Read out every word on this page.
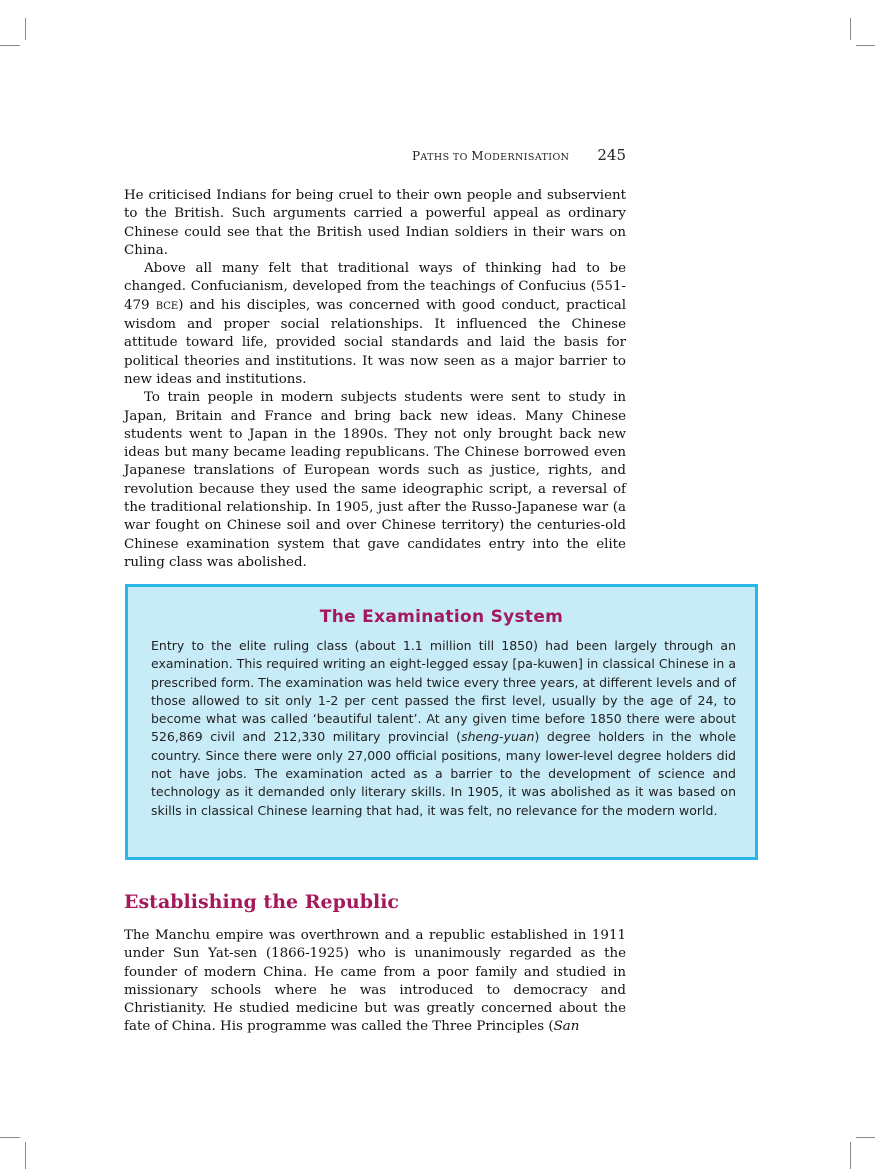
PATHS TO MODERNISATION 245

He criticised Indians for being cruel to their own people and subservient to the British. Such arguments carried a powerful appeal as ordinary Chinese could see that the British used Indian soldiers in their wars on China.

Above all many felt that traditional ways of thinking had to be changed. Confucianism, developed from the teachings of Confucius (551-479 BCE) and his disciples, was concerned with good conduct, practical wisdom and proper social relationships. It influenced the Chinese attitude toward life, provided social standards and laid the basis for political theories and institutions. It was now seen as a major barrier to new ideas and institutions.

To train people in modern subjects students were sent to study in Japan, Britain and France and bring back new ideas. Many Chinese students went to Japan in the 1890s. They not only brought back new ideas but many became leading republicans. The Chinese borrowed even Japanese translations of European words such as justice, rights, and revolution because they used the same ideographic script, a reversal of the traditional relationship. In 1905, just after the Russo-Japanese war (a war fought on Chinese soil and over Chinese territory) the centuries-old Chinese examination system that gave candidates entry into the elite ruling class was abolished.

The Examination System

Entry to the elite ruling class (about 1.1 million till 1850) had been largely through an examination. This required writing an eight-legged essay [pa-kuwen] in classical Chinese in a prescribed form. The examination was held twice every three years, at different levels and of those allowed to sit only 1-2 per cent passed the first level, usually by the age of 24, to become what was called ‘beautiful talent’. At any given time before 1850 there were about 526,869 civil and 212,330 military provincial (sheng-yuan) degree holders in the whole country. Since there were only 27,000 official positions, many lower-level degree holders did not have jobs. The examination acted as a barrier to the development of science and technology as it demanded only literary skills. In 1905, it was abolished as it was based on skills in classical Chinese learning that had, it was felt, no relevance for the modern world.

Establishing the Republic

The Manchu empire was overthrown and a republic established in 1911 under Sun Yat-sen (1866-1925) who is unanimously regarded as the founder of modern China. He came from a poor family and studied in missionary schools where he was introduced to democracy and Christianity. He studied medicine but was greatly concerned about the fate of China. His programme was called the Three Principles (San
